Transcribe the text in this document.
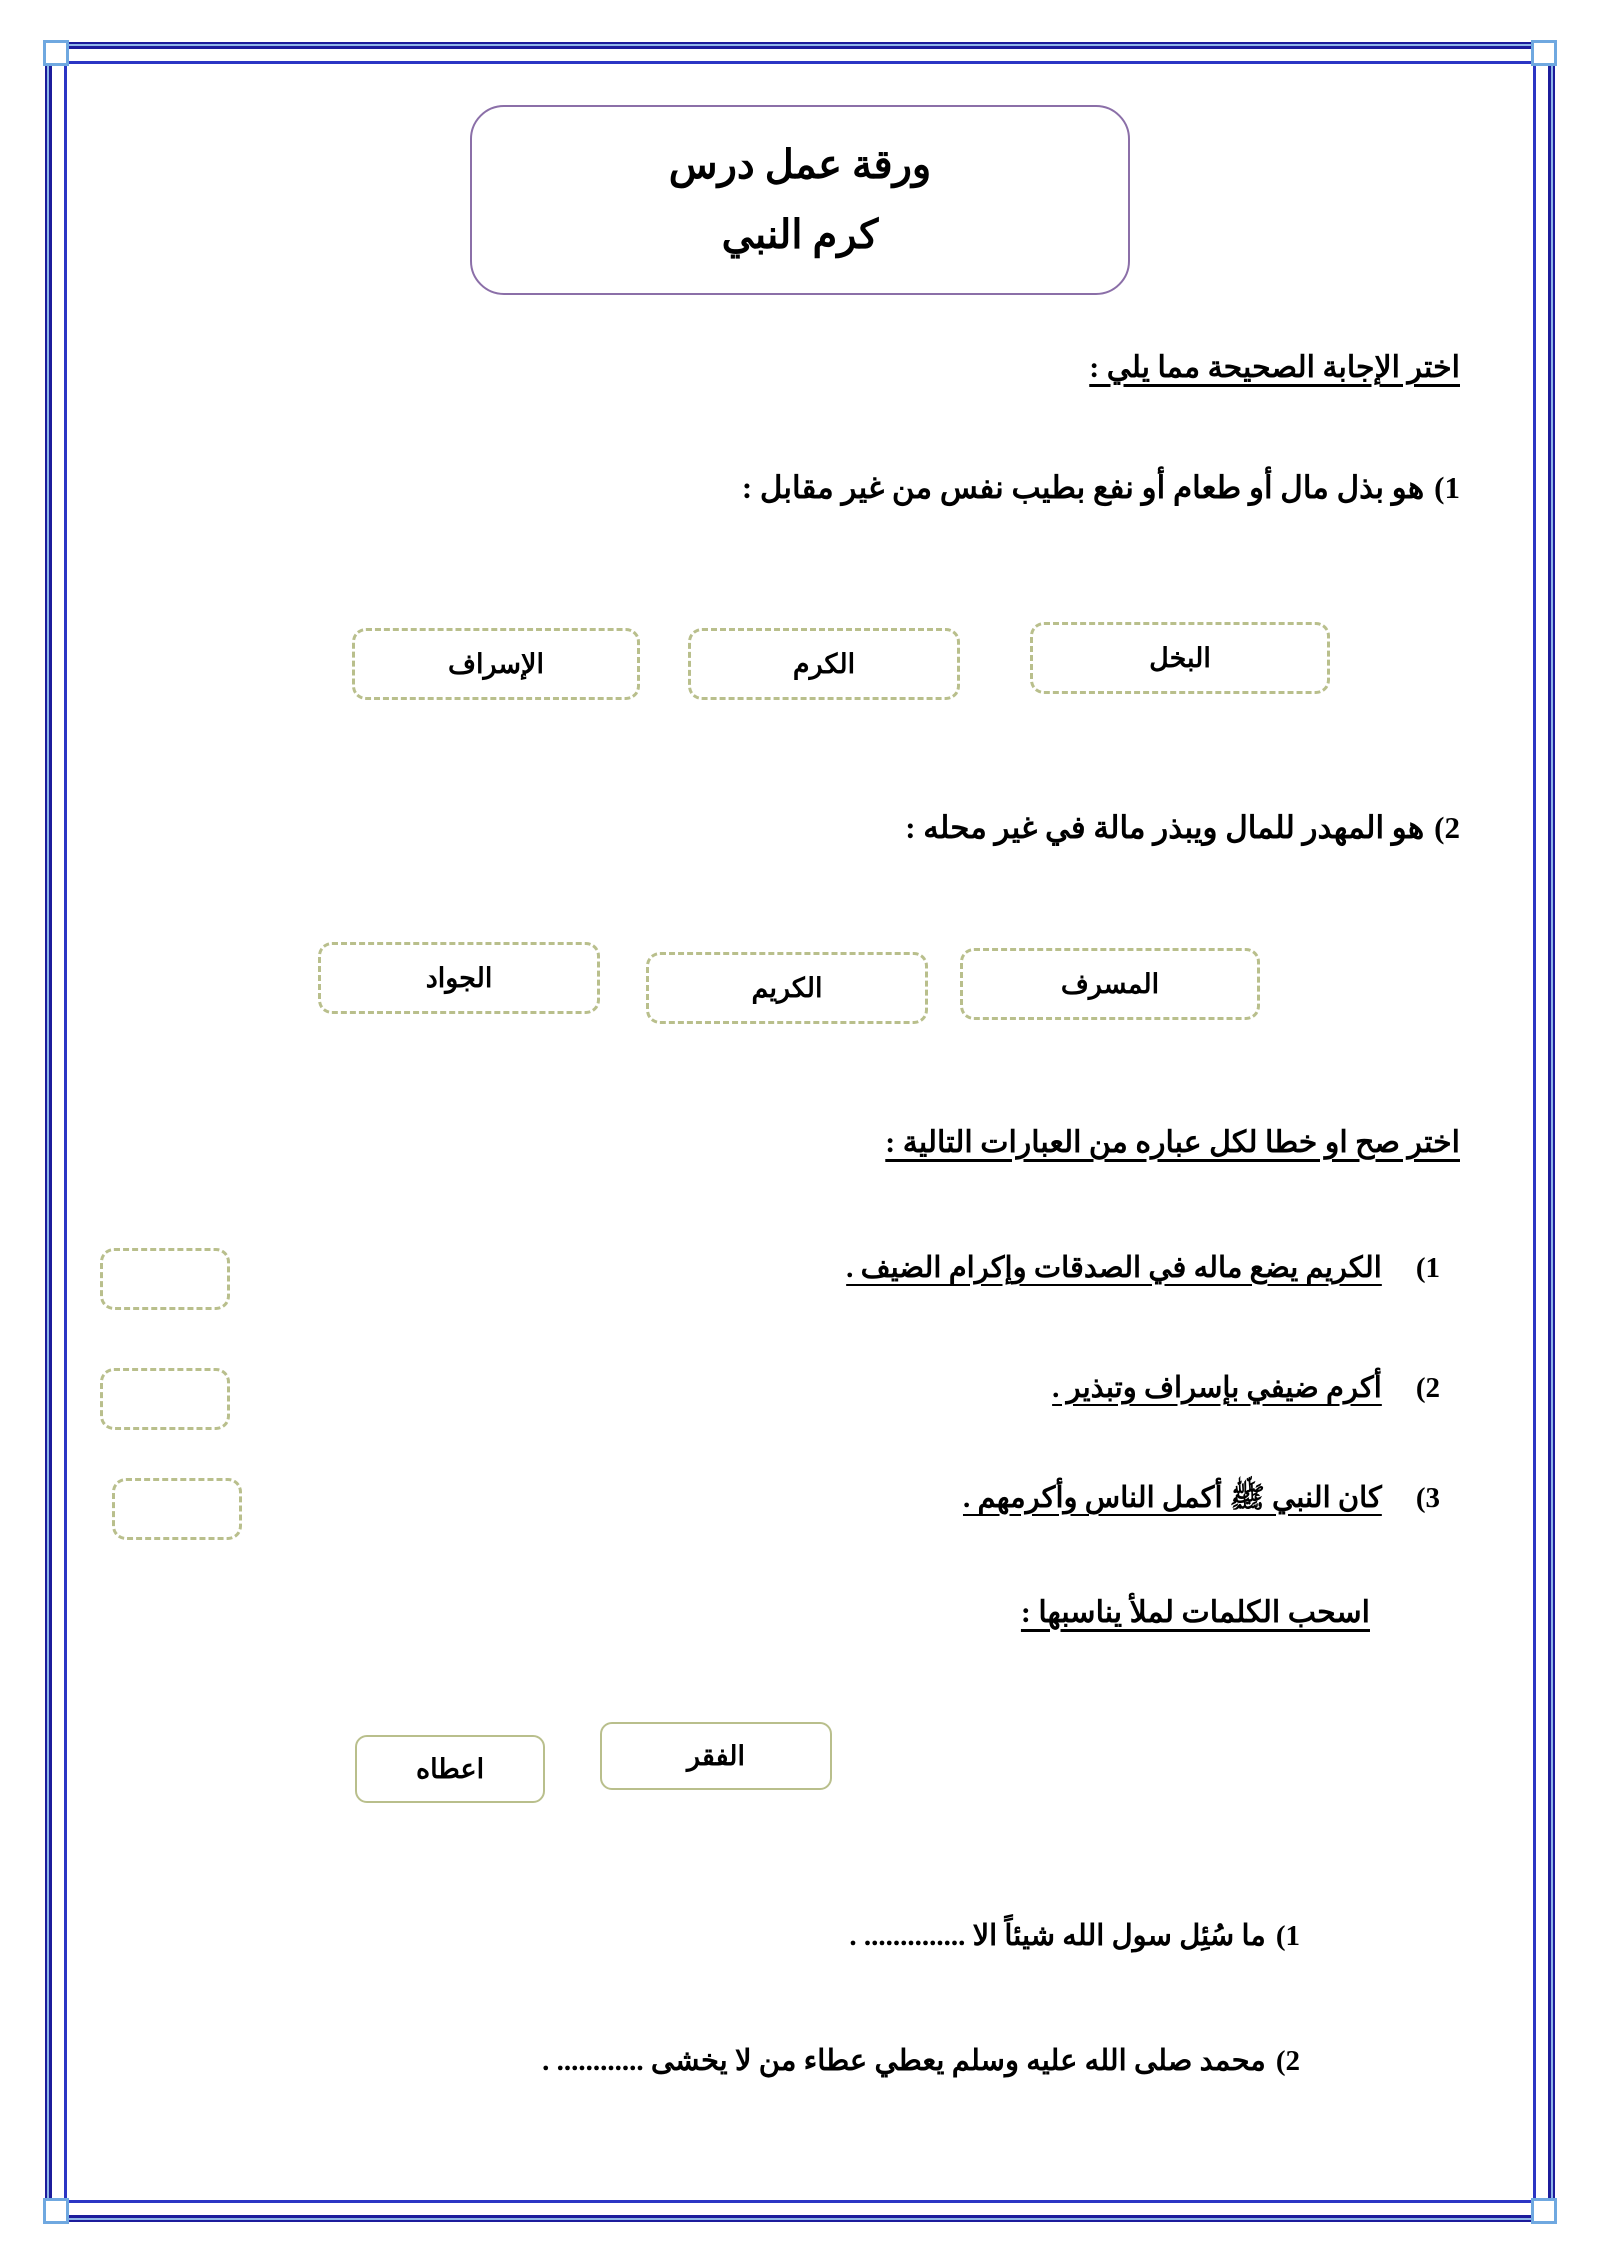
ورقة عمل درس
كرم النبي
اختر الإجابة الصحيحة مما يلي :
1)هو بذل مال أو طعام أو نفع بطيب نفس من غير مقابل :
البخل
الكرم
الإسراف
2)هو المهدر للمال ويبذر مالة في غير محله :
المسرف
الكريم
الجواد
اختر صح او خطا لكل عباره من العبارات التالية :
1)الكريم يضع ماله في الصدقات وإكرام الضيف .
2)أكرم ضيفي بإسراف وتبذير .
3)كان النبي ﷺ أكمل الناس وأكرمهم .
اسحب الكلمات لملأ يناسبها :
الفقر
اعطاه
1)ما سُئِل سول الله شيئاً الا .............. .
2)محمد صلى الله عليه وسلم يعطي عطاء من لا يخشى ............ .
